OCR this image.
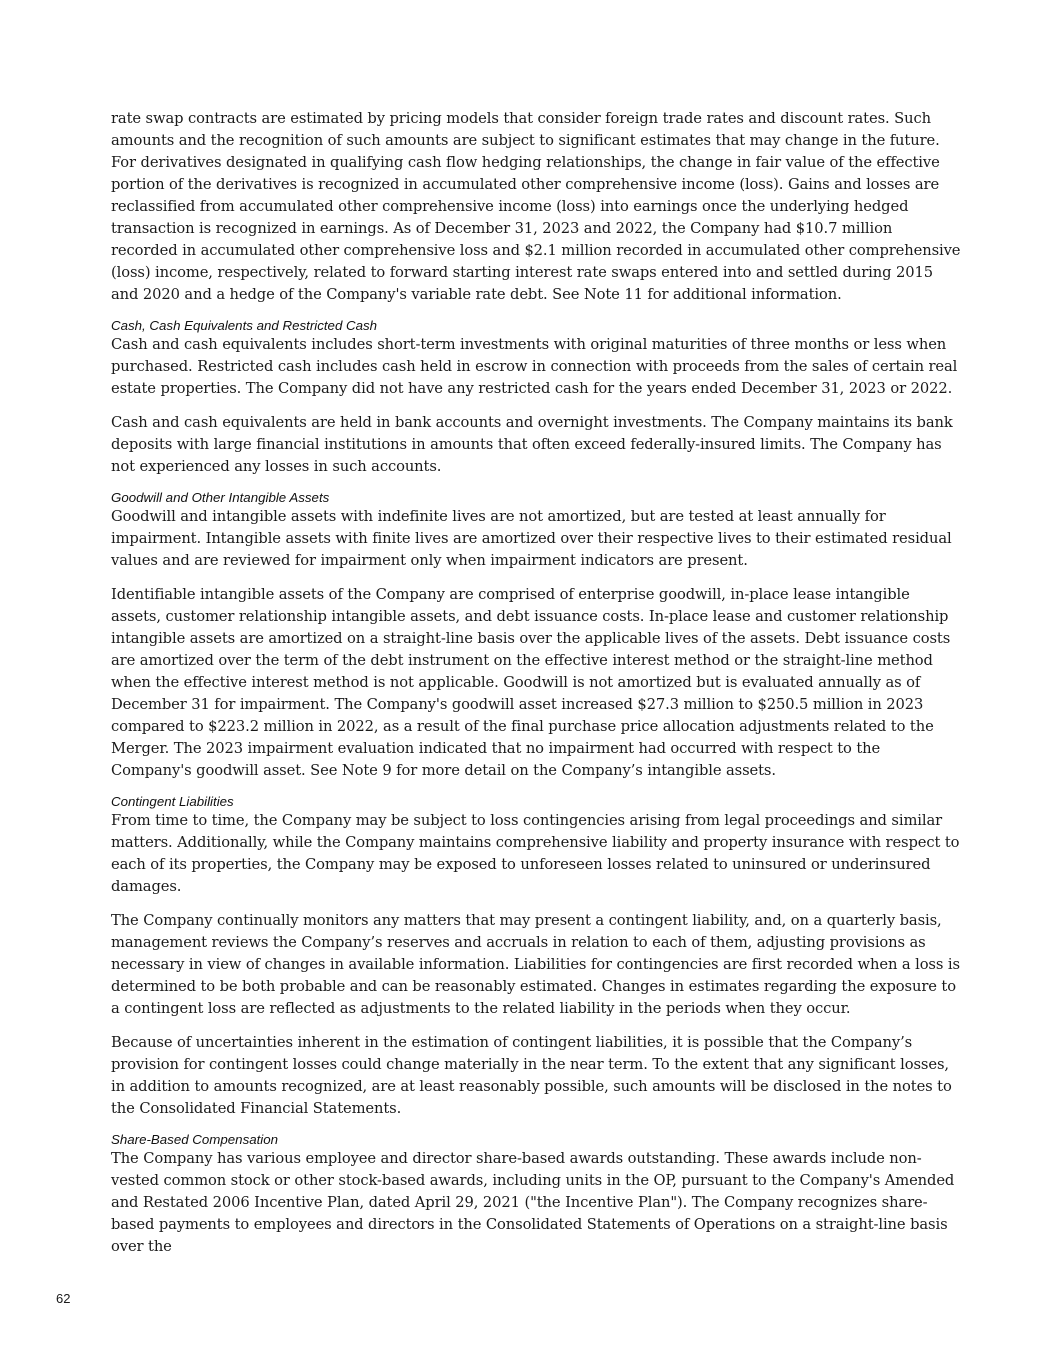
rate swap contracts are estimated by pricing models that consider foreign trade rates and discount rates. Such amounts and the recognition of such amounts are subject to significant estimates that may change in the future. For derivatives designated in qualifying cash flow hedging relationships, the change in fair value of the effective portion of the derivatives is recognized in accumulated other comprehensive income (loss). Gains and losses are reclassified from accumulated other comprehensive income (loss) into earnings once the underlying hedged transaction is recognized in earnings. As of December 31, 2023 and 2022, the Company had $10.7 million recorded in accumulated other comprehensive loss and $2.1 million recorded in accumulated other comprehensive (loss) income, respectively, related to forward starting interest rate swaps entered into and settled during 2015 and 2020 and a hedge of the Company's variable rate debt. See Note 11 for additional information.

Cash, Cash Equivalents and Restricted Cash

Cash and cash equivalents includes short-term investments with original maturities of three months or less when purchased. Restricted cash includes cash held in escrow in connection with proceeds from the sales of certain real estate properties. The Company did not have any restricted cash for the years ended December 31, 2023 or 2022.

Cash and cash equivalents are held in bank accounts and overnight investments. The Company maintains its bank deposits with large financial institutions in amounts that often exceed federally-insured limits. The Company has not experienced any losses in such accounts.

Goodwill and Other Intangible Assets

Goodwill and intangible assets with indefinite lives are not amortized, but are tested at least annually for impairment. Intangible assets with finite lives are amortized over their respective lives to their estimated residual values and are reviewed for impairment only when impairment indicators are present.

Identifiable intangible assets of the Company are comprised of enterprise goodwill, in-place lease intangible assets, customer relationship intangible assets, and debt issuance costs. In-place lease and customer relationship intangible assets are amortized on a straight-line basis over the applicable lives of the assets. Debt issuance costs are amortized over the term of the debt instrument on the effective interest method or the straight-line method when the effective interest method is not applicable. Goodwill is not amortized but is evaluated annually as of December 31 for impairment. The Company's goodwill asset increased $27.3 million to $250.5 million in 2023 compared to $223.2 million in 2022, as a result of the final purchase price allocation adjustments related to the Merger. The 2023 impairment evaluation indicated that no impairment had occurred with respect to the Company's goodwill asset. See Note 9 for more detail on the Company’s intangible assets.

Contingent Liabilities

From time to time, the Company may be subject to loss contingencies arising from legal proceedings and similar matters. Additionally, while the Company maintains comprehensive liability and property insurance with respect to each of its properties, the Company may be exposed to unforeseen losses related to uninsured or underinsured damages.

The Company continually monitors any matters that may present a contingent liability, and, on a quarterly basis, management reviews the Company’s reserves and accruals in relation to each of them, adjusting provisions as necessary in view of changes in available information. Liabilities for contingencies are first recorded when a loss is determined to be both probable and can be reasonably estimated. Changes in estimates regarding the exposure to a contingent loss are reflected as adjustments to the related liability in the periods when they occur.

Because of uncertainties inherent in the estimation of contingent liabilities, it is possible that the Company’s provision for contingent losses could change materially in the near term. To the extent that any significant losses, in addition to amounts recognized, are at least reasonably possible, such amounts will be disclosed in the notes to the Consolidated Financial Statements.

Share-Based Compensation

The Company has various employee and director share-based awards outstanding. These awards include non-vested common stock or other stock-based awards, including units in the OP, pursuant to the Company's Amended and Restated 2006 Incentive Plan, dated April 29, 2021 ("the Incentive Plan"). The Company recognizes share-based payments to employees and directors in the Consolidated Statements of Operations on a straight-line basis over the

62
